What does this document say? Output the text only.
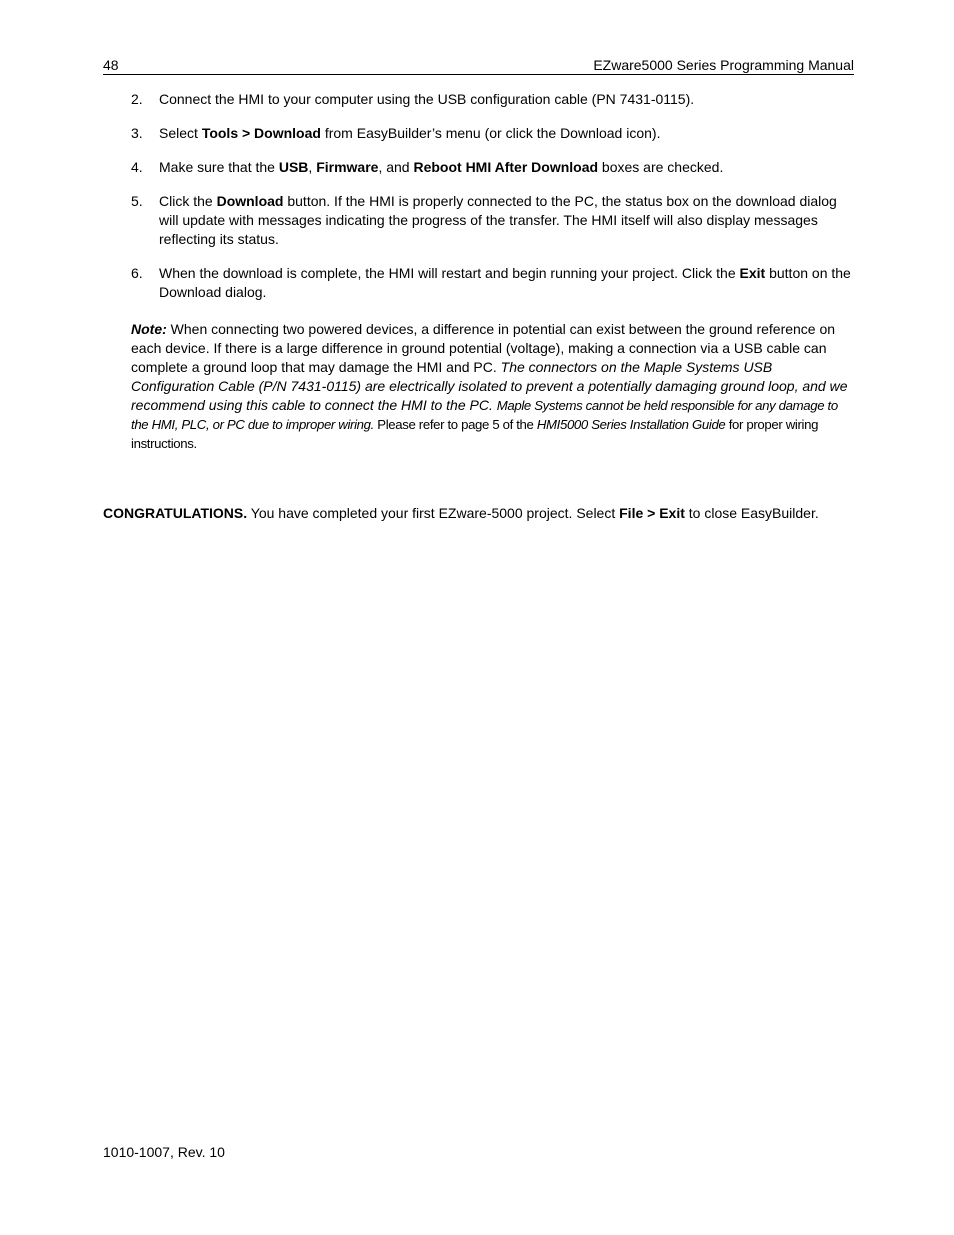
48	EZware5000 Series Programming Manual
2. Connect the HMI to your computer using the USB configuration cable (PN 7431-0115).
3. Select Tools > Download from EasyBuilder’s menu (or click the Download icon).
4. Make sure that the USB, Firmware, and Reboot HMI After Download boxes are checked.
5. Click the Download button. If the HMI is properly connected to the PC, the status box on the download dialog will update with messages indicating the progress of the transfer. The HMI itself will also display messages reflecting its status.
6. When the download is complete, the HMI will restart and begin running your project. Click the Exit button on the Download dialog.
Note: When connecting two powered devices, a difference in potential can exist between the ground reference on each device. If there is a large difference in ground potential (voltage), making a connection via a USB cable can complete a ground loop that may damage the HMI and PC. The connectors on the Maple Systems USB Configuration Cable (P/N 7431-0115) are electrically isolated to prevent a potentially damaging ground loop, and we recommend using this cable to connect the HMI to the PC. Maple Systems cannot be held responsible for any damage to the HMI, PLC, or PC due to improper wiring. Please refer to page 5 of the HMI5000 Series Installation Guide for proper wiring instructions.
CONGRATULATIONS. You have completed your first EZware-5000 project. Select File > Exit to close EasyBuilder.
1010-1007, Rev. 10
